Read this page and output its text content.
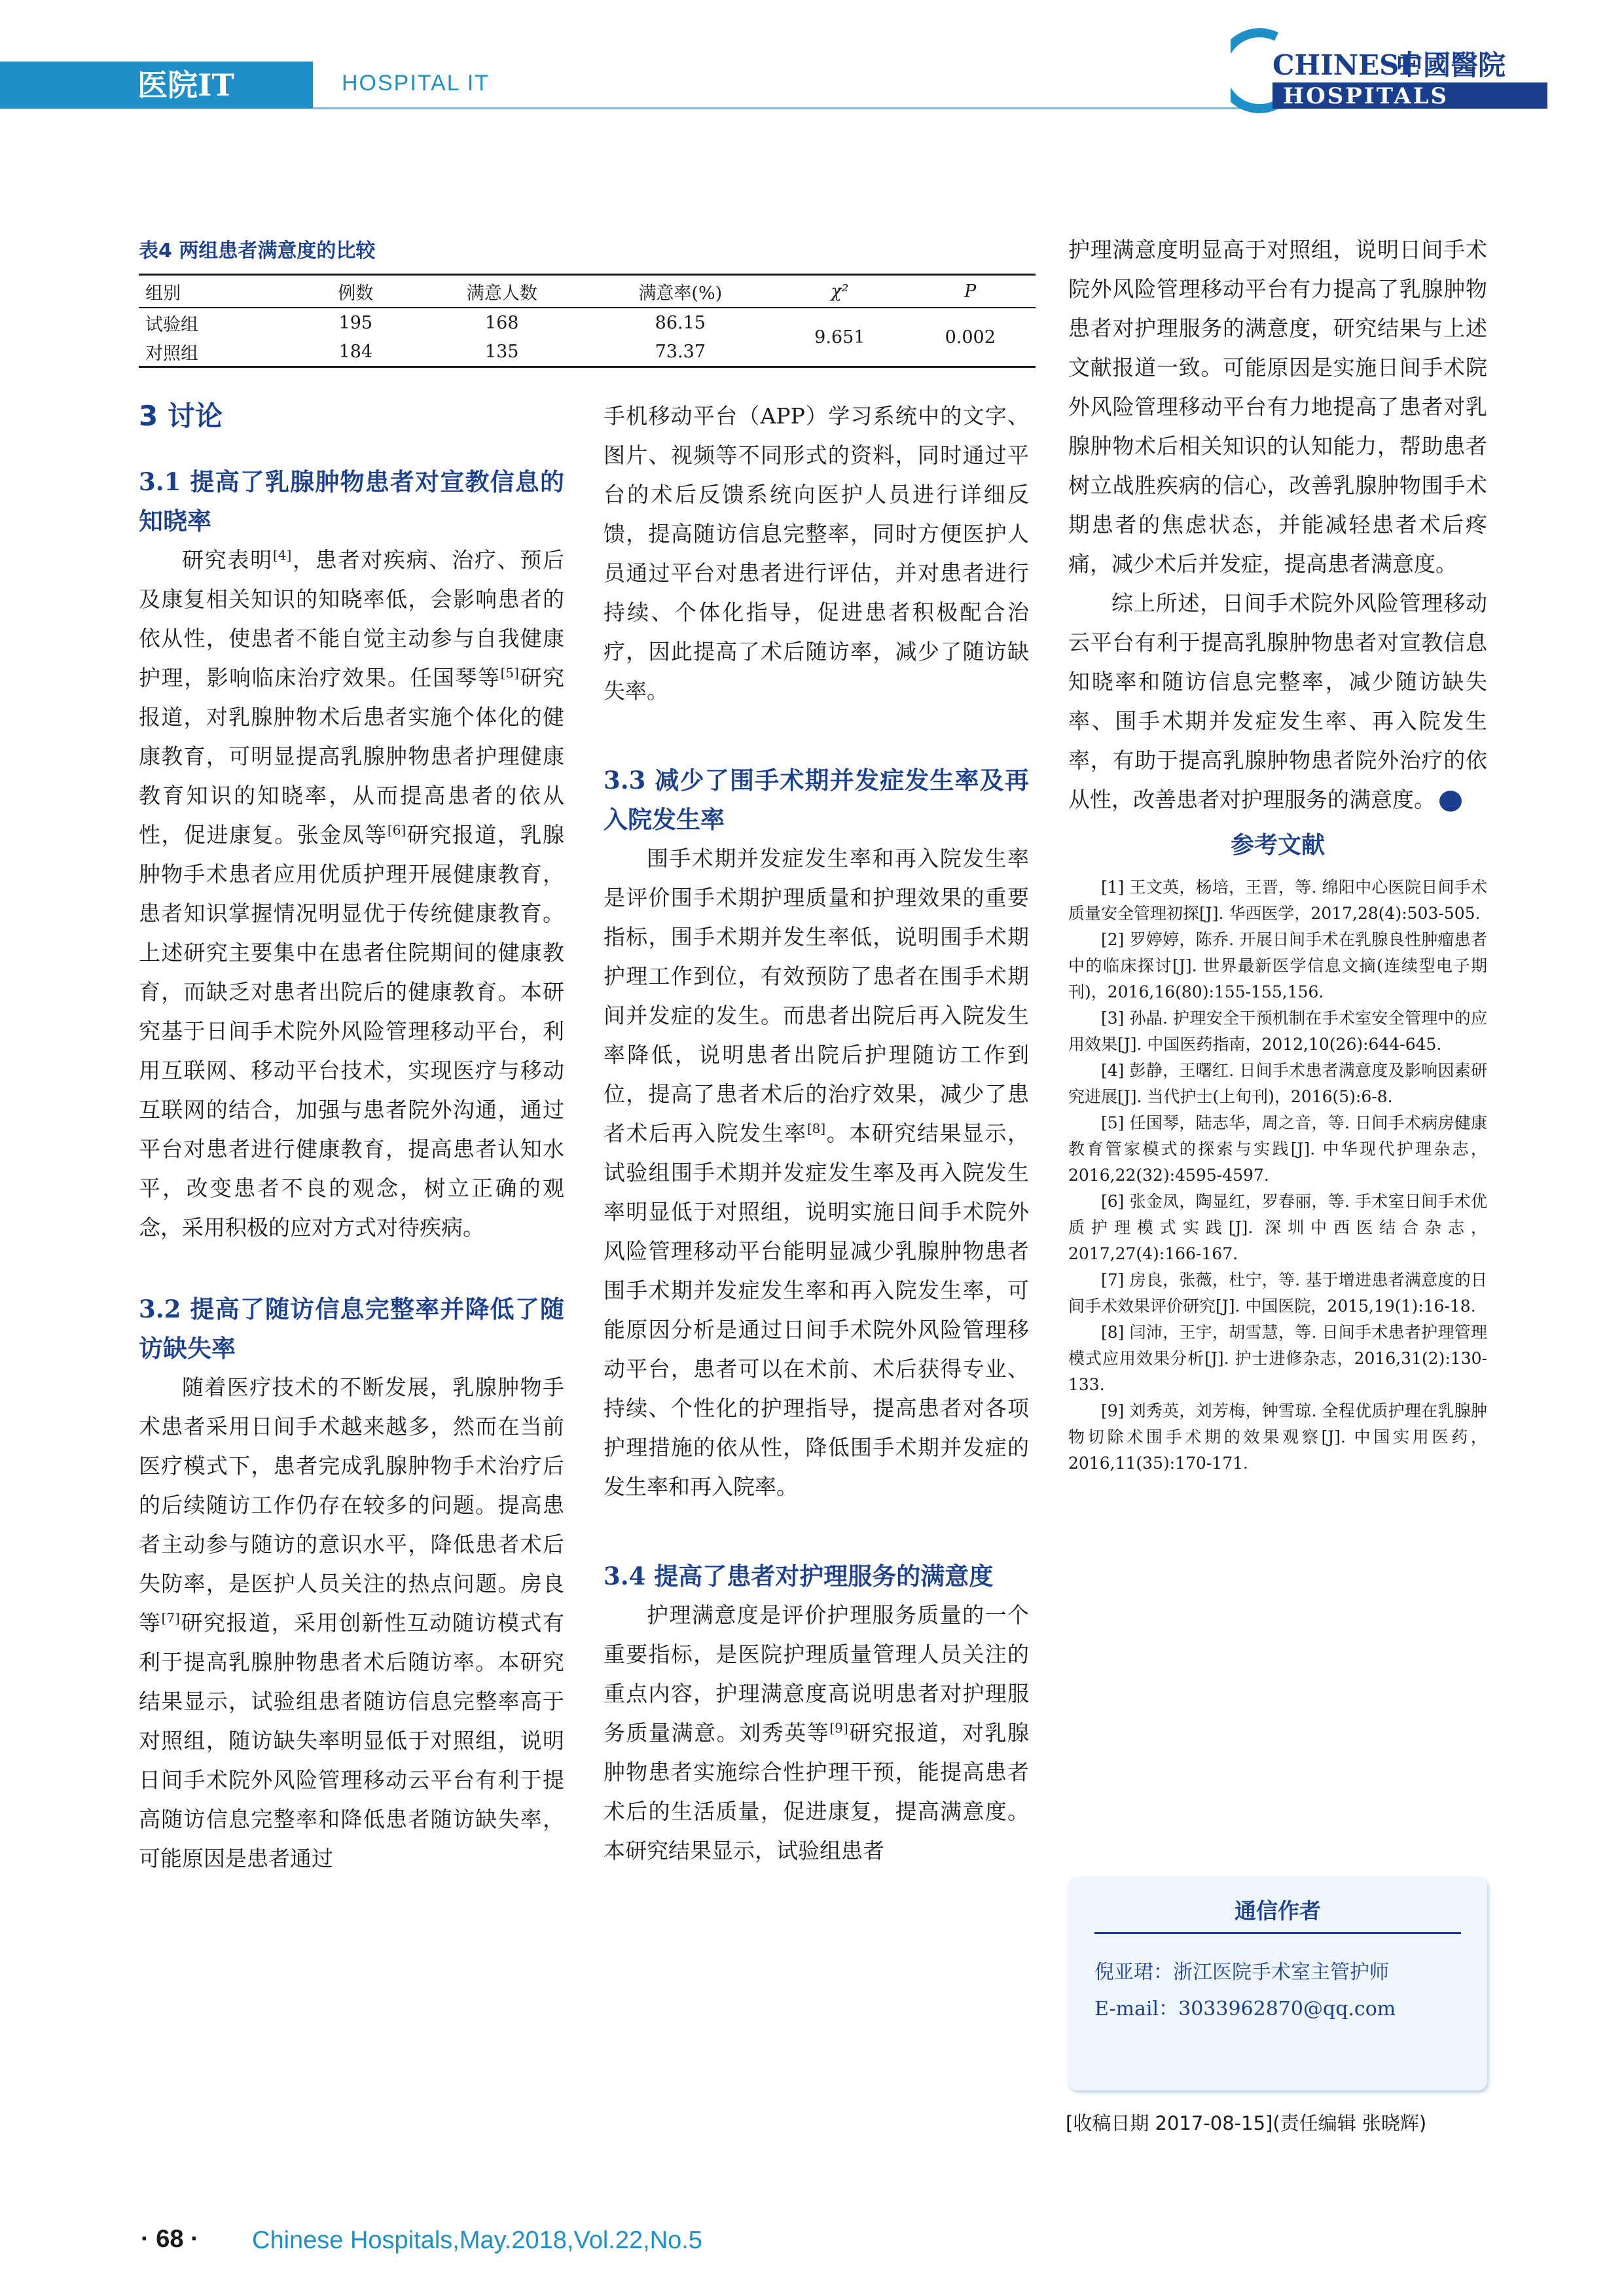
医院IT	HOSPITAL IT
CHINESE
中國醫院
HOSPITALS
表4 两组患者满意度的比较
组别	例数	满意人数	满意率(%)	χ²	P
试验组	195	168	86.15	9.651	0.002
对照组	184	135	73.37		
3 讨论
3.1 提高了乳腺肿物患者对宣教信息的知晓率

研究表明[4]，患者对疾病、治疗、预后及康复相关知识的知晓率低，会影响患者的依从性，使患者不能自觉主动参与自我健康护理，影响临床治疗效果。任国琴等[5]研究报道，对乳腺肿物术后患者实施个体化的健康教育，可明显提高乳腺肿物患者护理健康教育知识的知晓率，从而提高患者的依从性，促进康复。张金凤等[6]研究报道，乳腺肿物手术患者应用优质护理开展健康教育，患者知识掌握情况明显优于传统健康教育。上述研究主要集中在患者住院期间的健康教育，而缺乏对患者出院后的健康教育。本研究基于日间手术院外风险管理移动平台，利用互联网、移动平台技术，实现医疗与移动互联网的结合，加强与患者院外沟通，通过平台对患者进行健康教育，提高患者认知水平，改变患者不良的观念，树立正确的观念，采用积极的应对方式对待疾病。

3.2 提高了随访信息完整率并降低了随访缺失率

随着医疗技术的不断发展，乳腺肿物手术患者采用日间手术越来越多，然而在当前医疗模式下，患者完成乳腺肿物手术治疗后的后续随访工作仍存在较多的问题。提高患者主动参与随访的意识水平，降低患者术后失防率，是医护人员关注的热点问题。房良等[7]研究报道，采用创新性互动随访模式有利于提高乳腺肿物患者术后随访率。本研究结果显示，试验组患者随访信息完整率高于对照组，随访缺失率明显低于对照组，说明日间手术院外风险管理移动云平台有利于提高随访信息完整率和降低患者随访缺失率，可能原因是患者通过

手机移动平台（APP）学习系统中的文字、图片、视频等不同形式的资料，同时通过平台的术后反馈系统向医护人员进行详细反馈，提高随访信息完整率，同时方便医护人员通过平台对患者进行评估，并对患者进行持续、个体化指导，促进患者积极配合治疗，因此提高了术后随访率，减少了随访缺失率。

3.3 减少了围手术期并发症发生率及再入院发生率

围手术期并发症发生率和再入院发生率是评价围手术期护理质量和护理效果的重要指标，围手术期并发生率低，说明围手术期护理工作到位，有效预防了患者在围手术期间并发症的发生。而患者出院后再入院发生率降低，说明患者出院后护理随访工作到位，提高了患者术后的治疗效果，减少了患者术后再入院发生率[8]。本研究结果显示，试验组围手术期并发症发生率及再入院发生率明显低于对照组，说明实施日间手术院外风险管理移动平台能明显减少乳腺肿物患者围手术期并发症发生率和再入院发生率，可能原因分析是通过日间手术院外风险管理移动平台，患者可以在术前、术后获得专业、持续、个性化的护理指导，提高患者对各项护理措施的依从性，降低围手术期并发症的发生率和再入院率。

3.4 提高了患者对护理服务的满意度

护理满意度是评价护理服务质量的一个重要指标，是医院护理质量管理人员关注的重点内容，护理满意度高说明患者对护理服务质量满意。刘秀英等[9]研究报道，对乳腺肿物患者实施综合性护理干预，能提高患者术后的生活质量，促进康复，提高满意度。本研究结果显示，试验组患者

护理满意度明显高于对照组，说明日间手术院外风险管理移动平台有力提高了乳腺肿物患者对护理服务的满意度，研究结果与上述文献报道一致。可能原因是实施日间手术院外风险管理移动平台有力地提高了患者对乳腺肿物术后相关知识的认知能力，帮助患者树立战胜疾病的信心，改善乳腺肿物围手术期患者的焦虑状态，并能减轻患者术后疼痛，减少术后并发症，提高患者满意度。

综上所述，日间手术院外风险管理移动云平台有利于提高乳腺肿物患者对宣教信息知晓率和随访信息完整率，减少随访缺失率、围手术期并发症发生率、再入院发生率，有助于提高乳腺肿物患者院外治疗的依从性，改善患者对护理服务的满意度。

参考文献

[1] 王文英，杨培，王晋，等. 绵阳中心医院日间手术质量安全管理初探[J]. 华西医学，2017,28(4):503-505.

[2] 罗婷婷，陈乔. 开展日间手术在乳腺良性肿瘤患者中的临床探讨[J]. 世界最新医学信息文摘(连续型电子期刊)，2016,16(80):155-155,156.

[3] 孙晶. 护理安全干预机制在手术室安全管理中的应用效果[J]. 中国医药指南，2012,10(26):644-645.

[4] 彭静，王曙红. 日间手术患者满意度及影响因素研究进展[J]. 当代护士(上旬刊)，2016(5):6-8.

[5] 任国琴，陆志华，周之音，等. 日间手术病房健康教育管家模式的探索与实践[J]. 中华现代护理杂志，2016,22(32):4595-4597.

[6] 张金凤，陶显红，罗春丽，等. 手术室日间手术优质护理模式实践[J]. 深圳中西医结合杂志，2017,27(4):166-167.

[7] 房良，张薇，杜宁，等. 基于增进患者满意度的日间手术效果评价研究[J]. 中国医院，2015,19(1):16-18.

[8] 闫沛，王宇，胡雪慧，等. 日间手术患者护理管理模式应用效果分析[J]. 护士进修杂志，2016,31(2):130-133.

[9] 刘秀英，刘芳梅，钟雪琼. 全程优质护理在乳腺肿物切除术围手术期的效果观察[J]. 中国实用医药，2016,11(35):170-171.

通信作者
倪亚珺：浙江医院手术室主管护师
E-mail：3033962870@qq.com
[收稿日期 2017-08-15](责任编辑 张晓辉)
· 68 · Chinese Hospitals,May.2018,Vol.22,No.5
